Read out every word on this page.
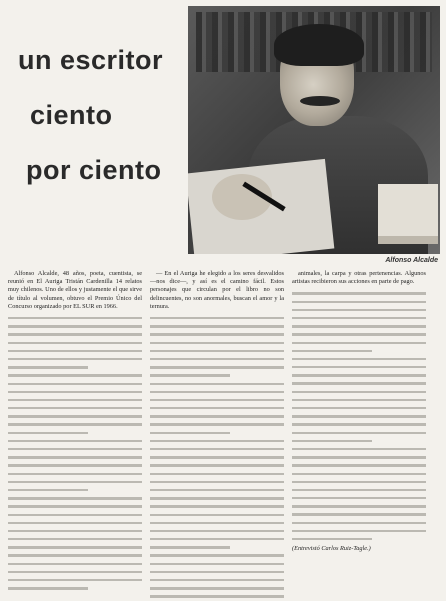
un escritor
ciento
por ciento
Alfonso Alcalde

Alfonso Alcalde, 48 años, poeta, cuentista, se reunió en El Auriga Tristán Cardenilla 14 relatos muy chilenos. Uno de ellos y justamente el que sirve de título al volumen, obtuvo el Premio Único del Concurso organizado por EL SUR en 1966.

— En el Auriga he elegido a los seres desvalidos —nos dice—, y así es el camino fácil. Estos personajes que circulan por el libro no son delincuentes, no son anormales, buscan el amor y la ternura.

animales, la carpa y otras pertenencias. Algunos artistas recibieron sus acciones en parte de pago.

(Entrevistó Carlos Ruiz-Tagle.)
